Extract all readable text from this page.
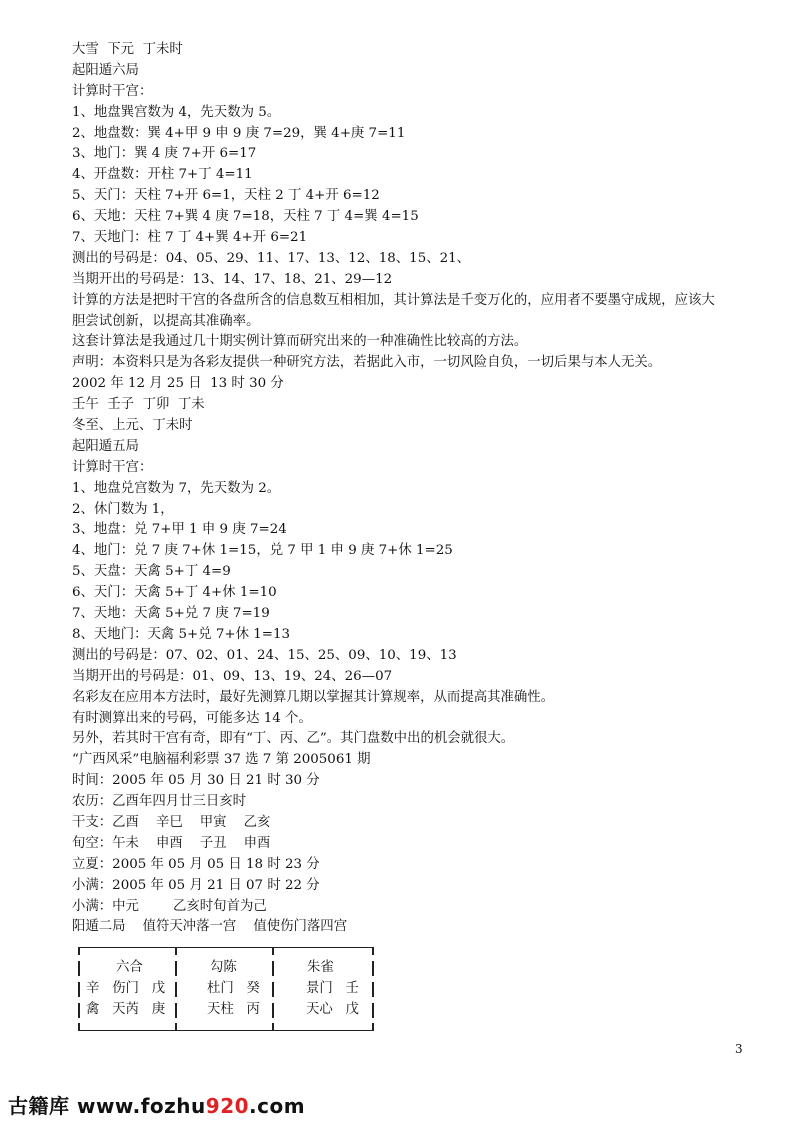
大雪  下元  丁未时
起阳遁六局
计算时干宫：
1、地盘巽宫数为 4，先天数为 5。
2、地盘数：巽 4+甲 9 申 9 庚 7=29，巽 4+庚 7=11
3、地门：巽 4 庚 7+开 6=17
4、开盘数：开柱 7+丁 4=11
5、天门：天柱 7+开 6=1，天柱 2 丁 4+开 6=12
6、天地：天柱 7+巽 4 庚 7=18，天柱 7 丁 4=巽 4=15
7、天地门：柱 7 丁 4+巽 4+开 6=21
测出的号码是：04、05、29、11、17、13、12、18、15、21、
当期开出的号码是：13、14、17、18、21、29—12
计算的方法是把时干宫的各盘所含的信息数互相相加，其计算法是千变万化的，应用者不要墨守成规，应该大
胆尝试创新，以提高其准确率。
这套计算法是我通过几十期实例计算而研究出来的一种准确性比较高的方法。
声明：本资料只是为各彩友提供一种研究方法，若据此入市，一切风险自负，一切后果与本人无关。
2002 年 12 月 25 日  13 时 30 分
壬午  壬子  丁卯  丁未
冬至、上元、丁未时
起阳遁五局
计算时干宫：
1、地盘兑宫数为 7，先天数为 2。
2、休门数为 1，
3、地盘：兑 7+甲 1 申 9 庚 7=24
4、地门：兑 7 庚 7+休 1=15，兑 7 甲 1 申 9 庚 7+休 1=25
5、天盘：天禽 5+丁 4=9
6、天门：天禽 5+丁 4+休 1=10
7、天地：天禽 5+兑 7 庚 7=19
8、天地门：天禽 5+兑 7+休 1=13
测出的号码是：07、02、01、24、15、25、09、10、19、13
当期开出的号码是：01、09、13、19、24、26—07
名彩友在应用本方法时，最好先测算几期以掌握其计算规率，从而提高其准确性。
有时测算出来的号码，可能多达 14 个。
另外，若其时干宫有奇，即有“丁、丙、乙”。其门盘数中出的机会就很大。
“广西风采”电脑福利彩票 37 选 7 第 2005061 期
时间：2005 年 05 月 30 日 21 时 30 分
农历：乙酉年四月廿三日亥时
干支：乙酉    辛巳    甲寅    乙亥
旬空：午未    申酉    子丑    申酉
立夏：2005 年 05 月 05 日 18 时 23 分
小满：2005 年 05 月 21 日 07 时 22 分
小满：中元        乙亥时旬首为己
阳遁二局    值符天冲落一宫    值使伤门落四宫
六合	勾陈	朱雀
辛   伤门   戊	杜门   癸	景门   壬
禽   天芮   庚	天柱   丙	天心   戊
3
古籍库 www.fozhu920.com
